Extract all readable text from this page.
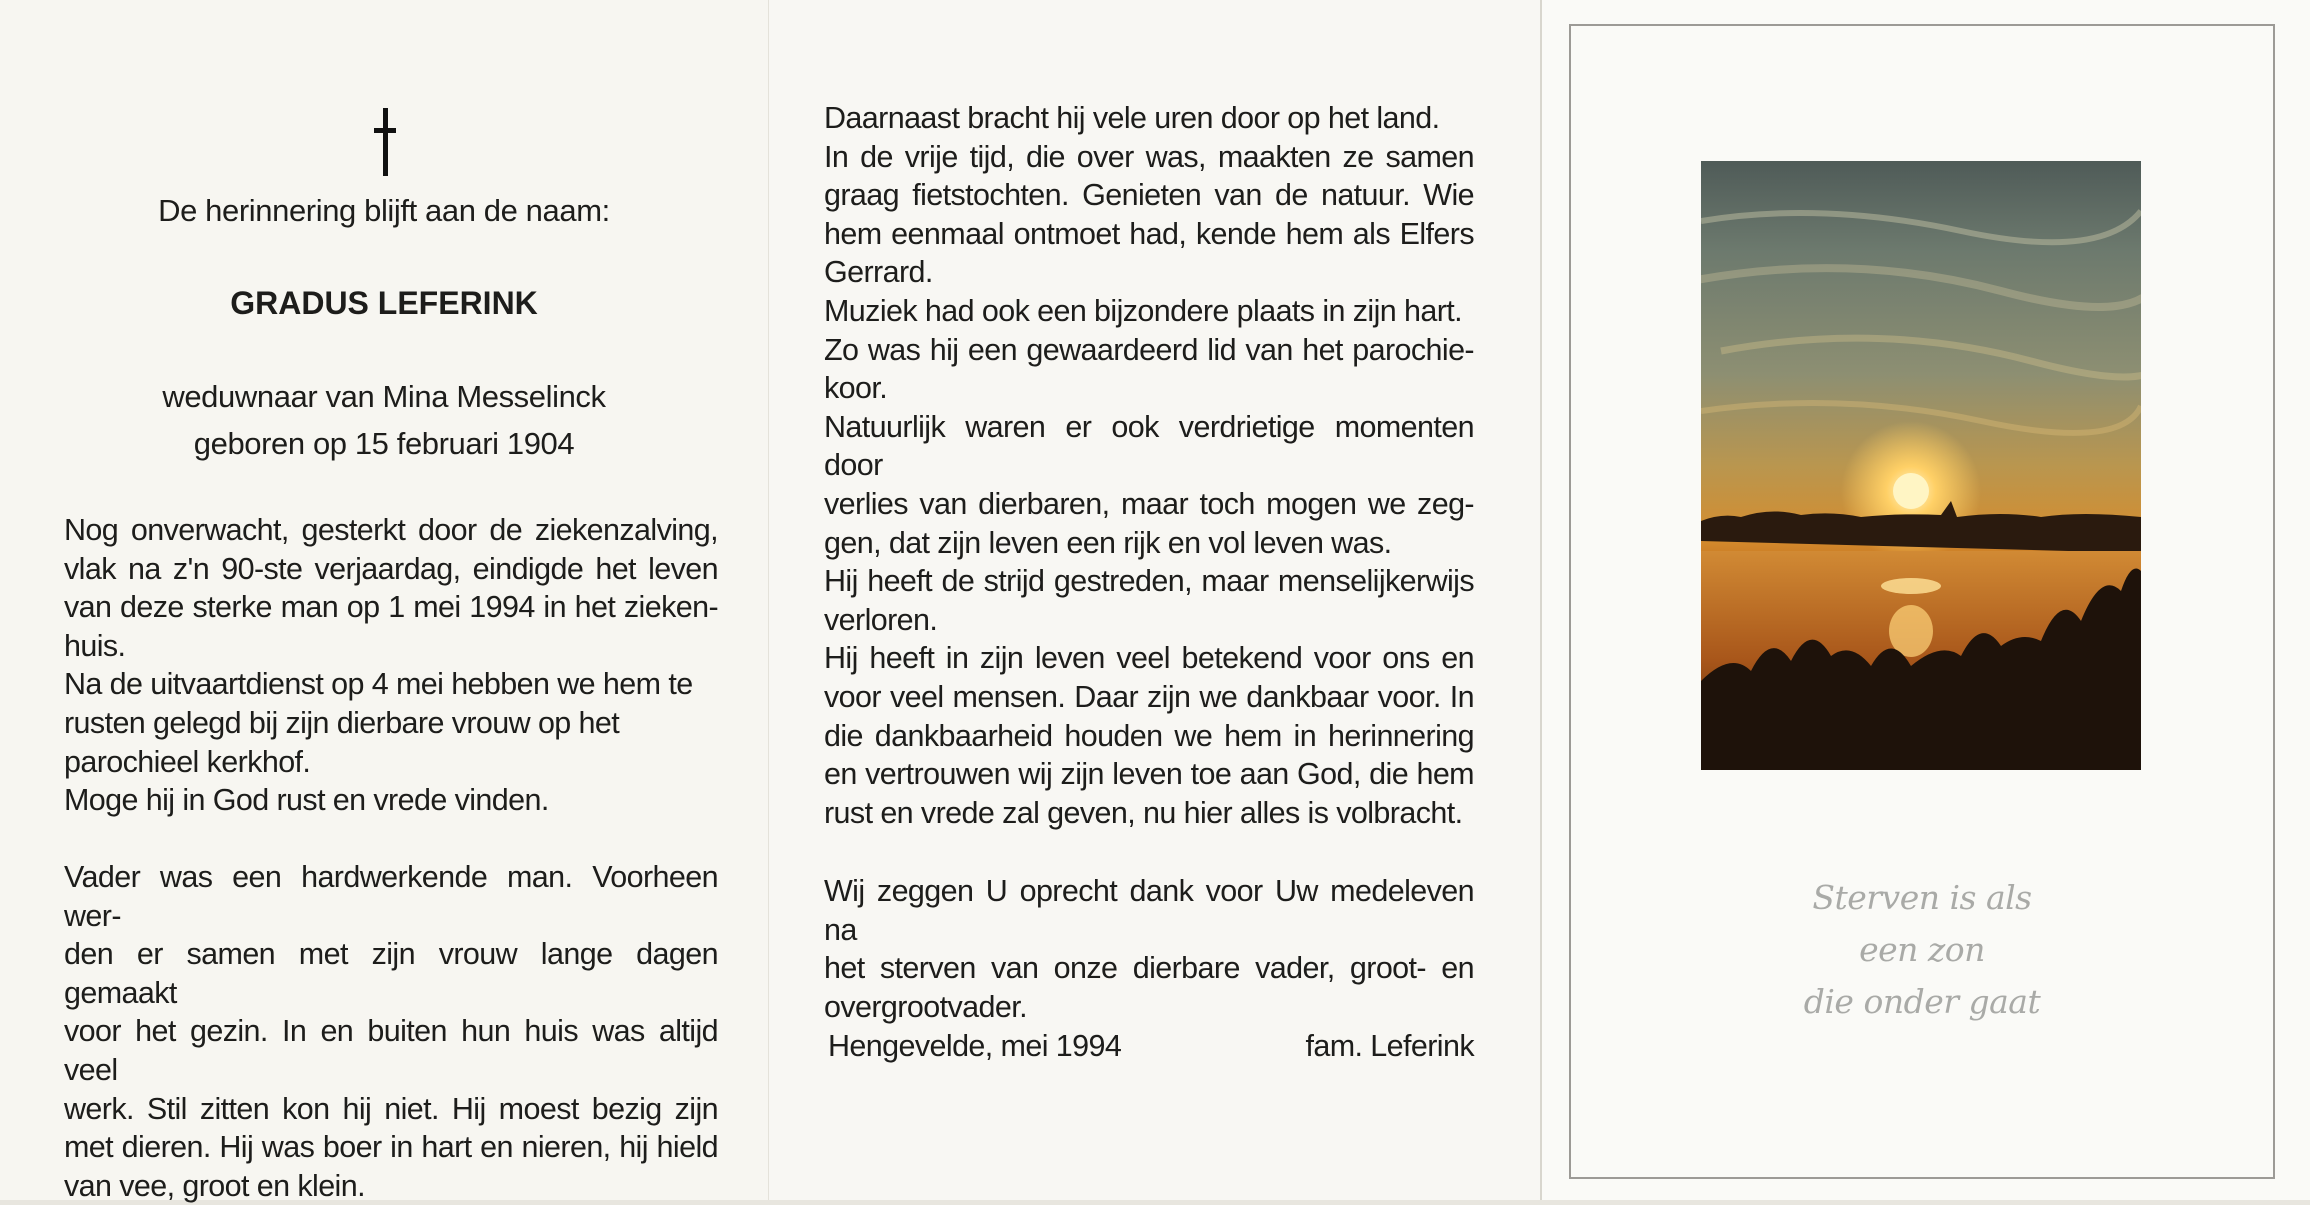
De herinnering blijft aan de naam:
GRADUS LEFERINK
weduwnaar van Mina Messelinck
geboren op 15 februari 1904
Nog onverwacht, gesterkt door de ziekenzalving,
vlak na z'n 90-ste verjaardag, eindigde het leven
van deze sterke man op 1 mei 1994 in het zieken-
huis.
Na de uitvaartdienst op 4 mei hebben we hem te
rusten gelegd bij zijn dierbare vrouw op het
parochieel kerkhof.
Moge hij in God rust en vrede vinden.
Vader was een hardwerkende man. Voorheen wer-
den er samen met zijn vrouw lange dagen gemaakt
voor het gezin. In en buiten hun huis was altijd veel
werk. Stil zitten kon hij niet. Hij moest bezig zijn
met dieren. Hij was boer in hart en nieren, hij hield
van vee, groot en klein.
Daarnaast bracht hij vele uren door op het land.
In de vrije tijd, die over was, maakten ze samen
graag fietstochten. Genieten van de natuur. Wie
hem eenmaal ontmoet had, kende hem als Elfers
Gerrard.
Muziek had ook een bijzondere plaats in zijn hart.
Zo was hij een gewaardeerd lid van het parochie-
koor.
Natuurlijk waren er ook verdrietige momenten door
verlies van dierbaren, maar toch mogen we zeg-
gen, dat zijn leven een rijk en vol leven was.
Hij heeft de strijd gestreden, maar menselijkerwijs
verloren.
Hij heeft in zijn leven veel betekend voor ons en
voor veel mensen. Daar zijn we dankbaar voor. In
die dankbaarheid houden we hem in herinnering
en vertrouwen wij zijn leven toe aan God, die hem
rust en vrede zal geven, nu hier alles is volbracht.
Wij zeggen U oprecht dank voor Uw medeleven na
het sterven van onze dierbare vader, groot- en
overgrootvader.
Hengevelde, mei 1994	fam. Leferink
Sterven is als
een zon
die onder gaat
